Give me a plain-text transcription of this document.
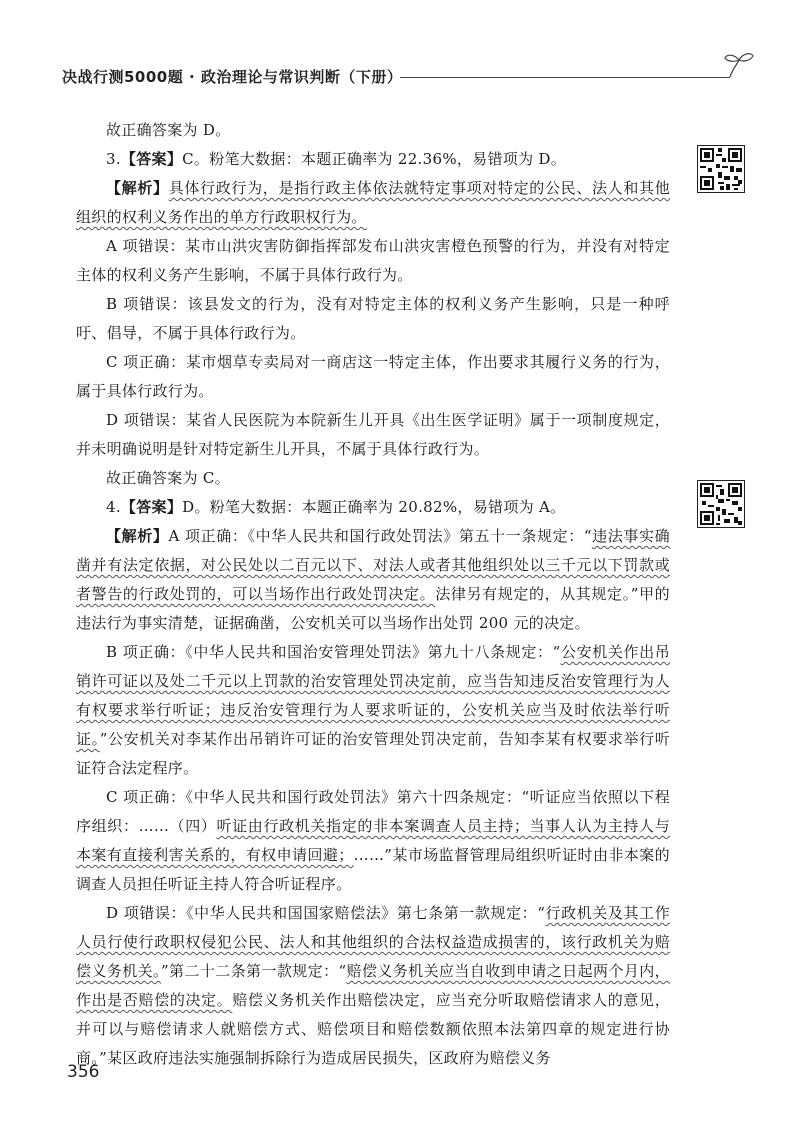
决战行测5000题 · 政治理论与常识判断（下册）

故正确答案为 D。

3.【答案】C。粉笔大数据：本题正确率为 22.36%，易错项为 D。

【解析】具体行政行为，是指行政主体依法就特定事项对特定的公民、法人和其他组织的权利义务作出的单方行政职权行为。

A 项错误：某市山洪灾害防御指挥部发布山洪灾害橙色预警的行为，并没有对特定主体的权利义务产生影响，不属于具体行政行为。

B 项错误：该县发文的行为，没有对特定主体的权利义务产生影响，只是一种呼吁、倡导，不属于具体行政行为。

C 项正确：某市烟草专卖局对一商店这一特定主体，作出要求其履行义务的行为，属于具体行政行为。

D 项错误：某省人民医院为本院新生儿开具《出生医学证明》属于一项制度规定，并未明确说明是针对特定新生儿开具，不属于具体行政行为。

故正确答案为 C。

4.【答案】D。粉笔大数据：本题正确率为 20.82%，易错项为 A。

【解析】A 项正确：《中华人民共和国行政处罚法》第五十一条规定：“违法事实确凿并有法定依据，对公民处以二百元以下、对法人或者其他组织处以三千元以下罚款或者警告的行政处罚的，可以当场作出行政处罚决定。法律另有规定的，从其规定。”甲的违法行为事实清楚，证据确凿，公安机关可以当场作出处罚 200 元的决定。

B 项正确：《中华人民共和国治安管理处罚法》第九十八条规定：“公安机关作出吊销许可证以及处二千元以上罚款的治安管理处罚决定前，应当告知违反治安管理行为人有权要求举行听证；违反治安管理行为人要求听证的，公安机关应当及时依法举行听证。”公安机关对李某作出吊销许可证的治安管理处罚决定前，告知李某有权要求举行听证符合法定程序。

C 项正确：《中华人民共和国行政处罚法》第六十四条规定：“听证应当依照以下程序组织：……（四）听证由行政机关指定的非本案调查人员主持；当事人认为主持人与本案有直接利害关系的，有权申请回避；……”某市场监督管理局组织听证时由非本案的调查人员担任听证主持人符合听证程序。

D 项错误：《中华人民共和国国家赔偿法》第七条第一款规定：“行政机关及其工作人员行使行政职权侵犯公民、法人和其他组织的合法权益造成损害的，该行政机关为赔偿义务机关。”第二十二条第一款规定：“赔偿义务机关应当自收到申请之日起两个月内，作出是否赔偿的决定。赔偿义务机关作出赔偿决定，应当充分听取赔偿请求人的意见，并可以与赔偿请求人就赔偿方式、赔偿项目和赔偿数额依照本法第四章的规定进行协商。”某区政府违法实施强制拆除行为造成居民损失，区政府为赔偿义务

356
